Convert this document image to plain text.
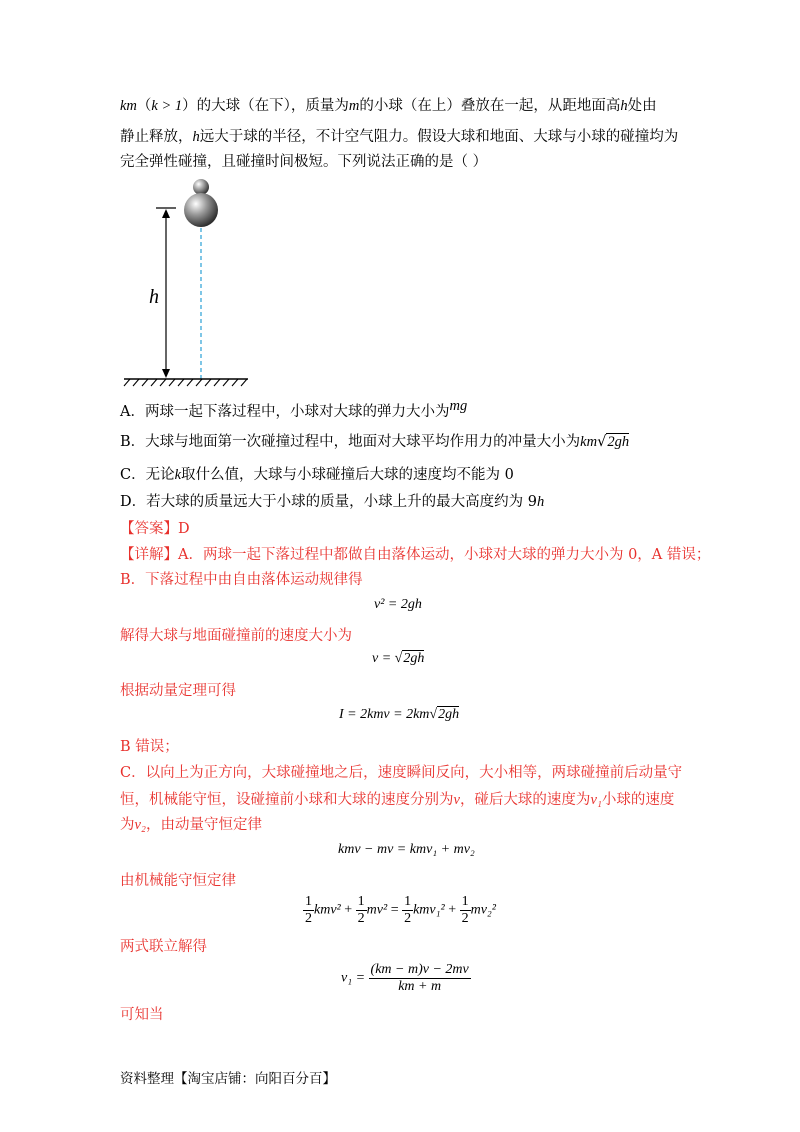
km（k > 1）的大球（在下），质量为m的小球（在上）叠放在一起，从距地面高h处由
静止释放，h远大于球的半径，不计空气阻力。假设大球和地面、大球与小球的碰撞均为
完全弹性碰撞，且碰撞时间极短。下列说法正确的是（ ）
h
A．两球一起下落过程中，小球对大球的弹力大小为mg
B．大球与地面第一次碰撞过程中，地面对大球平均作用力的冲量大小为km√2gh
C．无论k取什么值，大球与小球碰撞后大球的速度均不能为 0
D．若大球的质量远大于小球的质量，小球上升的最大高度约为 9h
【答案】D
【详解】A．两球一起下落过程中都做自由落体运动，小球对大球的弹力大小为 0，A 错误；
B．下落过程中由自由落体运动规律得
v² = 2gh
解得大球与地面碰撞前的速度大小为
v = √2gh
根据动量定理可得
I = 2kmv = 2km√2gh
B 错误；
C．以向上为正方向，大球碰撞地之后，速度瞬间反向，大小相等，两球碰撞前后动量守
恒，机械能守恒，设碰撞前小球和大球的速度分别为v，碰后大球的速度为v₁小球的速度
为v₂，由动量守恒定律
kmv − mv = kmv₁ + mv₂
由机械能守恒定律
$\frac{1}{2} kmv^2 + \frac{1}{2} mv^2 = \frac{1}{2} kmv_1^2 + \frac{1}{2} mv_2^2$
两式联立解得
$v_1 = \frac{(km - m)v - 2mv}{km + m}$
可知当
资料整理【淘宝店铺：向阳百分百】
